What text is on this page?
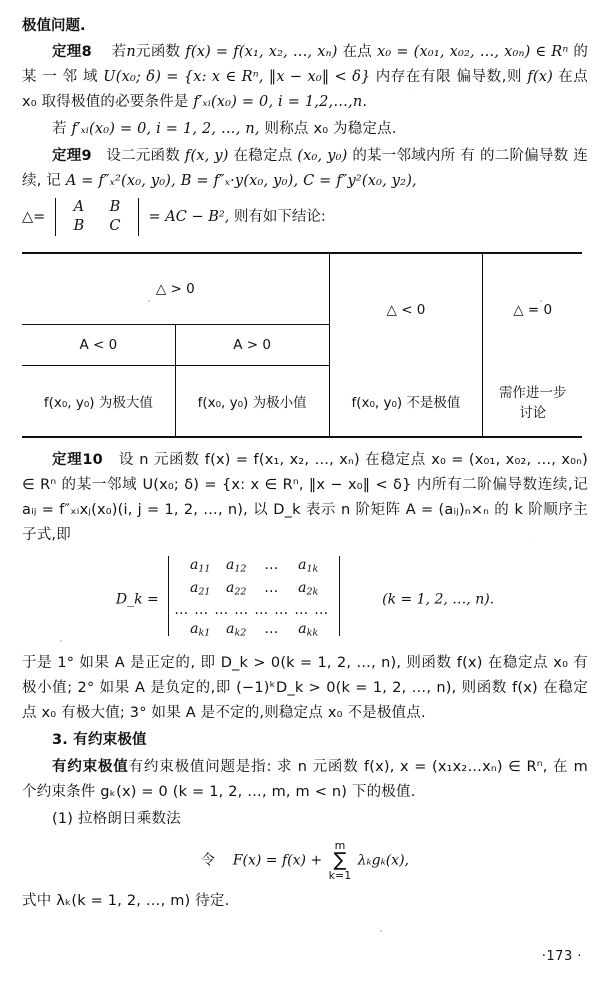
极值问题.

定理8 若n元函数 f(x) = f(x₁, x₂, …, xₙ) 在点 x₀ = (x₀₁, x₀₂, …, x₀ₙ) ∈ Rⁿ 的 某 一 邻 域 U(x₀; δ) = {x: x ∈ Rⁿ, ‖x − x₀‖ < δ} 内存在有限 偏导数,则 f(x) 在点 x₀ 取得极值的必要条件是 f′ₓᵢ(x₀) = 0, i = 1,2,…,n.

若 f′ₓᵢ(x₀) = 0, i = 1, 2, …, n, 则称点 x₀ 为稳定点.

定理9   设二元函数 f(x, y) 在稳定点 (x₀, y₀) 的某一邻域内所 有 的二阶偏导数 连续, 记 A = f″ₓ²(x₀, y₀), B = f″ₓ·y(x₀, y₀), C = f″y²(x₀, y₂),

△=
A B
B C
= AC − B², 则有如下结论:
△ > 0		△ < 0	△ = 0
A < 0	A > 0		
f(x₀, y₀) 为极大值	f(x₀, y₀) 为极小值	f(x₀, y₀) 不是极值	需作进一步
讨论

定理10 设 n 元函数 f(x) = f(x₁, x₂, …, xₙ) 在稳定点 x₀ = (x₀₁, x₀₂, …, x₀ₙ) ∈ Rⁿ 的某一邻域 U(x₀; δ) = {x: x ∈ Rⁿ, ‖x − x₀‖ < δ} 内所有二阶偏导数连续,记 aᵢⱼ = f″ₓᵢxⱼ(x₀)(i, j = 1, 2, …, n), 以 D_k 表示 n 阶矩阵 A = (aᵢⱼ)ₙ×ₙ 的 k 阶顺序主子式,即

D_k =
$a_{11}$ $a_{12}$ … $a_{1k}$
$a_{21}$ $a_{22}$ … $a_{2k}$
……………………
$a_{k1}$ $a_{k2}$ … $a_{kk}$
(k = 1, 2, …, n).

于是 1° 如果 A 是正定的, 即 D_k > 0(k = 1, 2, …, n), 则函数 f(x) 在稳定点 x₀ 有极小值; 2° 如果 A 是负定的,即 (−1)ᵏD_k > 0(k = 1, 2, …, n), 则函数 f(x) 在稳定点 x₀ 有极大值; 3° 如果 A 是不定的,则稳定点 x₀ 不是极值点.

3. 有约束极值

有约束极值有约束极值问题是指: 求 n 元函数 f(x), x = (x₁x₂…xₙ) ∈ Rⁿ, 在 m 个约束条件 gₖ(x) = 0 (k = 1, 2, …, m, m < n) 下的极值.

(1) 拉格朗日乘数法

令 F(x) = f(x) +
m
∑
k=1
λₖgₖ(x),

式中 λₖ(k = 1, 2, …, m) 待定.

·173 ·
